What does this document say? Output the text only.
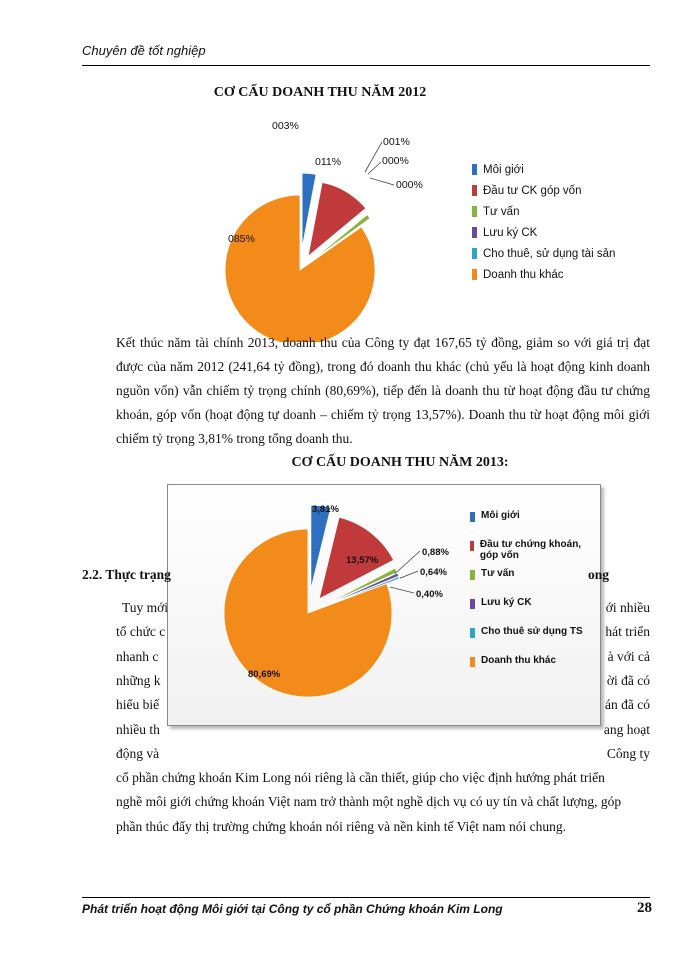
Chuyên đề tốt nghiệp
CƠ CẤU DOANH THU NĂM 2012
003%
011%
001%
000%
000%
085%
Môi giới
Đầu tư CK góp vốn
Tư vấn
Lưu ký CK
Cho thuê, sử dụng tài sản
Doanh thu khác
Kết thúc năm tài chính 2013, doanh thu của Công ty đạt 167,65 tỷ đồng, giảm so với giá trị đạt được của năm 2012 (241,64 tỷ đồng), trong đó doanh thu khác (chủ yếu là hoạt động kinh doanh nguồn vốn) vẫn chiếm tỷ trọng chính (80,69%), tiếp đến là doanh thu từ hoạt động đầu tư chứng khoán, góp vốn (hoạt động tự doanh – chiếm tỷ trọng 13,57%). Doanh thu từ hoạt động môi giới chiếm tỷ trọng 3,81% trong tổng doanh thu.
CƠ CẤU DOANH THU NĂM 2013:
3,81%
13,57%
0,88%
0,64%
0,40%
80,69%
Môi giới
Đầu tư chứng khoán, góp vốn
Tư vấn
Lưu ký CK
Cho thuê sử dụng TS
Doanh thu khác
2.2. Thực trạng	ong
Tuy mới	ới nhiều
tổ chức c	hát triển
nhanh c	à với cả
những k	ời đã có
hiểu biế	án đã có
nhiều th	ang hoạt
động và	Công ty
cổ phần chứng khoán Kim Long nói riêng là cần thiết, giúp cho việc định hướng phát triển
nghề môi giới chứng khoán Việt nam trở thành một nghề dịch vụ có uy tín và chất lượng, góp
phần thúc đẩy thị trường chứng khoán nói riêng và nền kinh tế Việt nam nói chung.
Phát triển hoạt động Môi giới tại Công ty cổ phần Chứng khoán Kim Long	28
